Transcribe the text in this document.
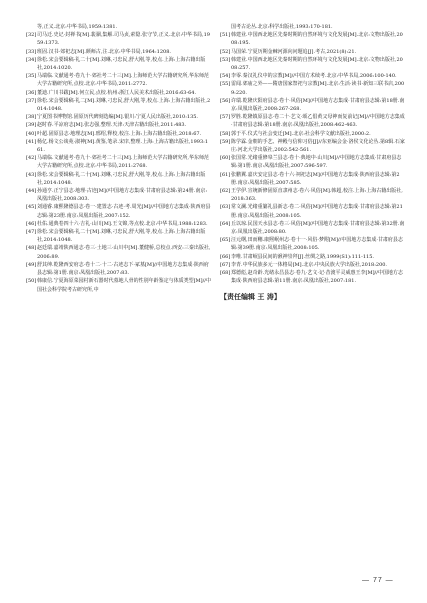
等,正义.北京:中华书局,1959:1381.
[32] 司马迁.史记·封禅书[M].裴骃,集解.司马贞,索隐.张守节,正义.北京:中华书局,1959:1373.
[33] 班固.汉书·郊祀志[M].颜师古,注.北京:中华书局,1964:1208.
[34] 徐松.宋会要辑稿·礼二十[M].刘琳,刁忠民,舒大刚,等,校点.上海:上海古籍出版社,2014:1020.
[35] 马端临.文献通考·卷九十·郊社考二十三[M].上海师范大学古籍研究所,华东师范大学古籍研究所,点校.北京:中华书局,2011:2772.
[36] 董迪.广川书跋[M].何立民,点校.杭州:浙江人民美术出版社,2016:63-64.
[37] 徐松.宋会要辑稿·礼二[M].刘琳,刁忠民,舒大刚,等,校点.上海:上海古籍出版社,2014:1048.
[38] 宁夏图书博物馆.固原历代碑刻选编[M].银川:宁夏人民出版社,2010:135.
[39] 赵时春.平凉府志[M].张志强,整理.天津:天津古籍出版社,2011:483.
[40] 叶超.固原县志·地理志[M].邢绍,释校,校注.上海:上海古籍出版社,2018:67.
[41] 杨亿.杨文公谈苑·淑神[M].黄鉴,笔录.宋庠,整理.上海:上海古籍出版社,1993:161.
[42] 马端临.文献通考·卷九十·郊社考二十三[M].上海师范大学古籍研究所,华东师范大学古籍研究所,点校.北京:中华书局,2011:2768.
[43] 徐松.宋会要辑稿·礼二十[M].刘琳,刁忠民,舒大刚,等,校点.上海:上海古籍出版社,2014:1048.
[44] 孙通亨.正宁县志·地理·古迹[M]//中国地方志集成·甘肃府县志辑:第24册.南京:凤凰出版社,2008:303.
[45] 刘通睿.康熙隆德县志·卷一·建置志·古迹·考.周光[M]//中国地方志集成·陕西府县志辑:第23册.南京:凤凰出版社,2007:152.
[46] 杜佑.通典卷四十六·吉礼·山川[M].王文锦,等点校.北京:中华书局,1988:1283.
[47] 徐松.宋会要辑稿·礼二十[M].刘琳,刁忠民,舒大刚,等,校点.上海:上海古籍出版社,2014:1048.
[48] 赵廷瑞.嘉靖陕西通志·卷三·土地三·山川中[M].董健桥,总校点.西安:三秦出版社,2006:89.
[49] 舒其绅.乾隆西安府志·卷十二·十二·古迹志下·冢墓[M]//中国地方志集成·陕西府县志辑:第1册.南京:凤凰出版社,2007:83.
[50] 韩康信.宁夏海原菜园村新石器时代墓地人骨的性别年龄鉴定与体质类型[M]//中国社会科学院考古研究所,中
国考古论丛.北京:科学出版社,1993:170-181.
[51] 韩建业.中国西北地区先秦时期的自然环境与文化发展[M].北京:文物出版社,2008:195.
[52] 马国荣.宁夏历期金棘河源向问题追[J].考古,2021(8):21.
[53] 韩建业.中国西北地区先秦时期的自然环境与文化发展[M].北京:文物出版社,2008:257.
[54] 李零.秦汉礼仪中的宗教[M]//中国方术续考.北京:中华书局,2006:100-140.
[55] 雷闻.郊庙之外——隋唐国家祭祀与宗教[M].北京:生活·读书·新知三联书店,2009:220.
[56] 许瑞.乾隆庆阳府县志·卷十·风俗[M]//中国地方志集成·甘肃府县志辑:第18册.南京:凤凰出版社,2008:267-268.
[57] 罗胜.乾隆镇原县志·卷二十·艺文·颂乙倡黄父母神而复前记[M]//中国地方志集成·甘肃府县志辑:第18册.南京:凤凰出版社,2008:462-463.
[58] 郭于平.仪式与社会变迁[M].北京:社会科学文献出版社,2000:2.
[59] 陈学霖.金朝的手艺、神殿与信仰习俗[J]//东亚编会金·洛侯文化论丛.第8辑.石家庄:河北大学出版社,2002:542-561.
[60] 张国常.光绪重修皋兰县志·卷十·典地中·山川[M]//中国地方志集成·甘肃府县志辑:第1册.南京:凤凰出版社,2007:596-597.
[61] 张鹏翼.嘉庆安定县志·卷十六·祠祀志[M]//中国地方志集成·陕西府县志辑:第2册.南京:凤凰出版社,2007:585.
[62] 王学伊.宣统新修固原直隶州志·卷六·风俗[M].韩超,校注.上海:上海古籍出版社,2018:363.
[63] 常文澜.光绪重纂礼县新志·卷二·风俗[M]//中国地方志集成·甘肃府县志辑:第21册.南京:凤凰出版社,2008:105.
[64] 丘以琼.民国天水县志·卷三·风俗[M]//中国地方志集成·甘肃府县志辑:第32册.南京:凤凰出版社,2008:80.
[65] 汪元纲,田而穗.康熙岷州志·卷十一·风俗·梦附[M]//中国地方志集成·甘肃府县志辑:第39册.南京:凤凰出版社,2008:105.
[66] 李唯.甘肃岷县民间的湫神崇拜[J].丝绸之路,1999(S1):111-115.
[67] 李青.中华民族多元一体格局[M].北京:中央民族大学出版社,2018:200.
[68] 郑德彪,赵奇龄.光绪永昌县志·卷九·艺文·记·昔渡平灵威惠王李[M]//中国地方志集成·陕西府县志辑:第11册.南京:凤凰出版社,2007:181.
【责任编辑 王 涛】
— 77 —
